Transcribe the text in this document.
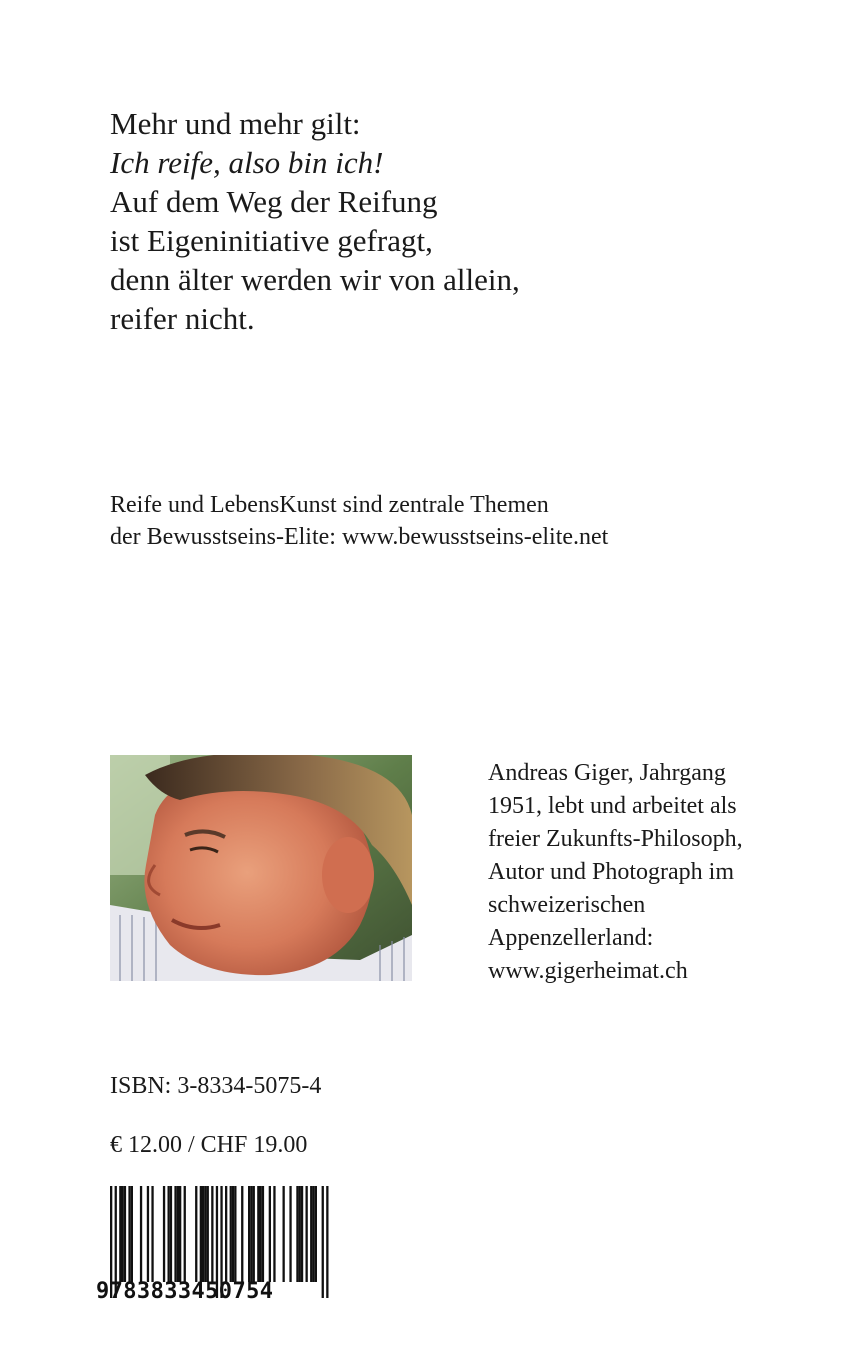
Mehr und mehr gilt:
Ich reife, also bin ich!
Auf dem Weg der Reifung
ist Eigeninitiative gefragt,
denn älter werden wir von allein,
reifer nicht.
Reife und LebensKunst sind zentrale Themen
der Bewusstseins-Elite: www.bewusstseins-elite.net
Andreas Giger, Jahrgang
1951, lebt und arbeitet als
freier Zukunfts-Philosoph,
Autor und Photograph im
schweizerischen
Appenzellerland:
www.gigerheimat.ch
ISBN: 3-8334-5075-4
€ 12.00 / CHF 19.00
9783833450754
